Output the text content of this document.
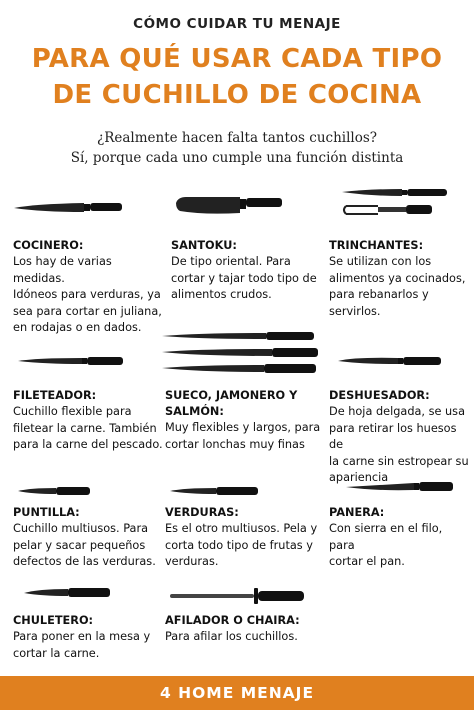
CÓMO CUIDAR TU MENAJE
PARA QUÉ USAR CADA TIPO
DE CUCHILLO DE COCINA
¿Realmente hacen falta tantos cuchillos?
Sí, porque cada uno cumple una función distinta
COCINERO:
Los hay de varias medidas.
Idóneos para verduras, ya
sea para cortar en juliana,
en rodajas o en dados.
SANTOKU:
De tipo oriental. Para
cortar y tajar todo tipo de
alimentos crudos.
TRINCHANTES:
Se utilizan con los
alimentos ya cocinados,
para rebanarlos y
servirlos.
FILETEADOR:
Cuchillo flexible para
filetear la carne. También
para la carne del pescado.
SUECO, JAMONERO Y
SALMÓN:
Muy flexibles y largos, para
cortar lonchas muy finas
DESHUESADOR:
De hoja delgada, se usa
para retirar los huesos de
la carne sin estropear su
apariencia
PUNTILLA:
Cuchillo multiusos. Para
pelar y sacar pequeños
defectos de las verduras.
VERDURAS:
Es el otro multiusos. Pela y
corta todo tipo de frutas y
verduras.
PANERA:
Con sierra en el filo, para
cortar el pan.
CHULETERO:
Para poner en la mesa y
cortar la carne.
AFILADOR O CHAIRA:
Para afilar los cuchillos.
4 HOME MENAJE
